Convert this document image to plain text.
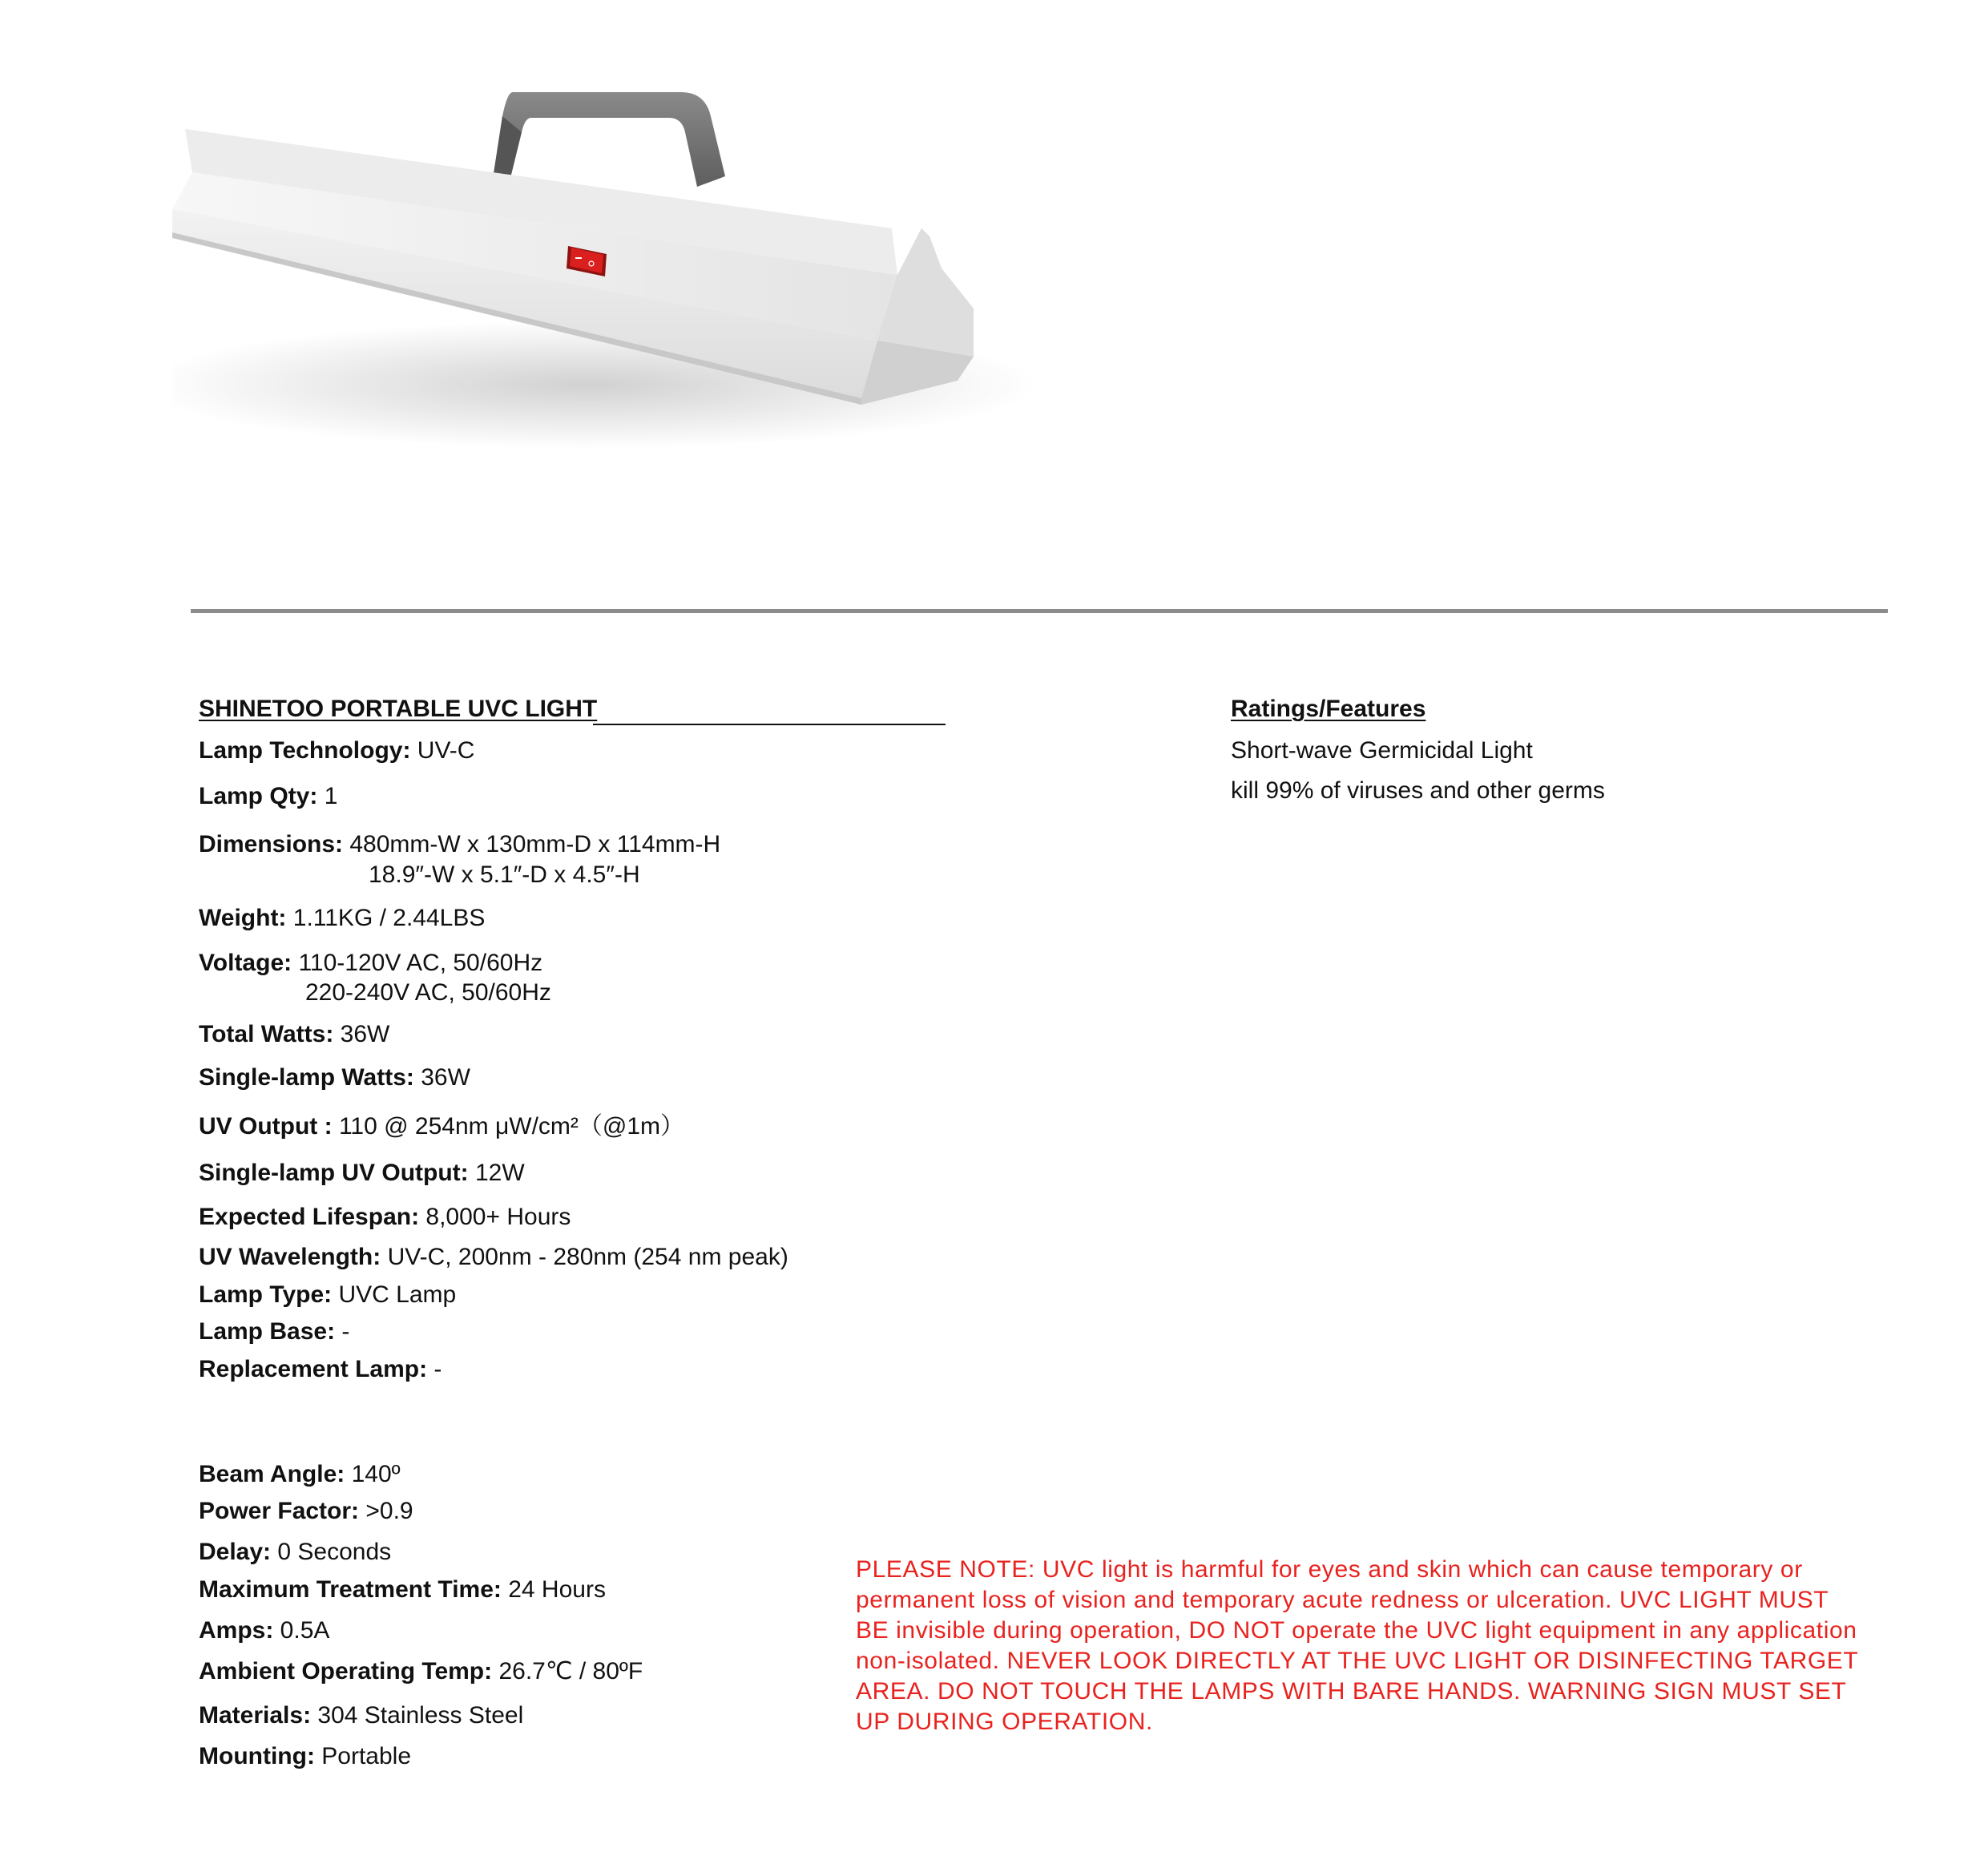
SHINETOO PORTABLE UVC LIGHT
Lamp Technology: UV-C
Lamp Qty: 1
Dimensions: 480mm-W x 130mm-D x 114mm-H
18.9″-W x 5.1″-D x 4.5″-H
Weight: 1.11KG / 2.44LBS
Voltage: 110-120V AC, 50/60Hz
220-240V AC, 50/60Hz
Total Watts: 36W
Single-lamp Watts: 36W
UV Output : 110 @ 254nm μW/cm²（@1m）
Single-lamp UV Output: 12W
Expected Lifespan: 8,000+ Hours
UV Wavelength: UV-C, 200nm - 280nm (254 nm peak)
Lamp Type: UVC Lamp
Lamp Base: -
Replacement Lamp: -
Beam Angle: 140º
Power Factor: >0.9
Delay: 0 Seconds
Maximum Treatment Time: 24 Hours
Amps: 0.5A
Ambient Operating Temp: 26.7℃ / 80ºF
Materials: 304 Stainless Steel
Mounting: Portable
Ratings/Features
Short-wave Germicidal Light
kill 99% of viruses and other germs
PLEASE NOTE: UVC light is harmful for eyes and skin which can cause temporary or permanent loss of vision and temporary acute redness or ulceration. UVC LIGHT MUST BE invisible during operation, DO NOT operate the UVC light equipment in any application non-isolated. NEVER LOOK DIRECTLY AT THE UVC LIGHT OR DISINFECTING TARGET AREA. DO NOT TOUCH THE LAMPS WITH BARE HANDS. WARNING SIGN MUST SET UP DURING OPERATION.
